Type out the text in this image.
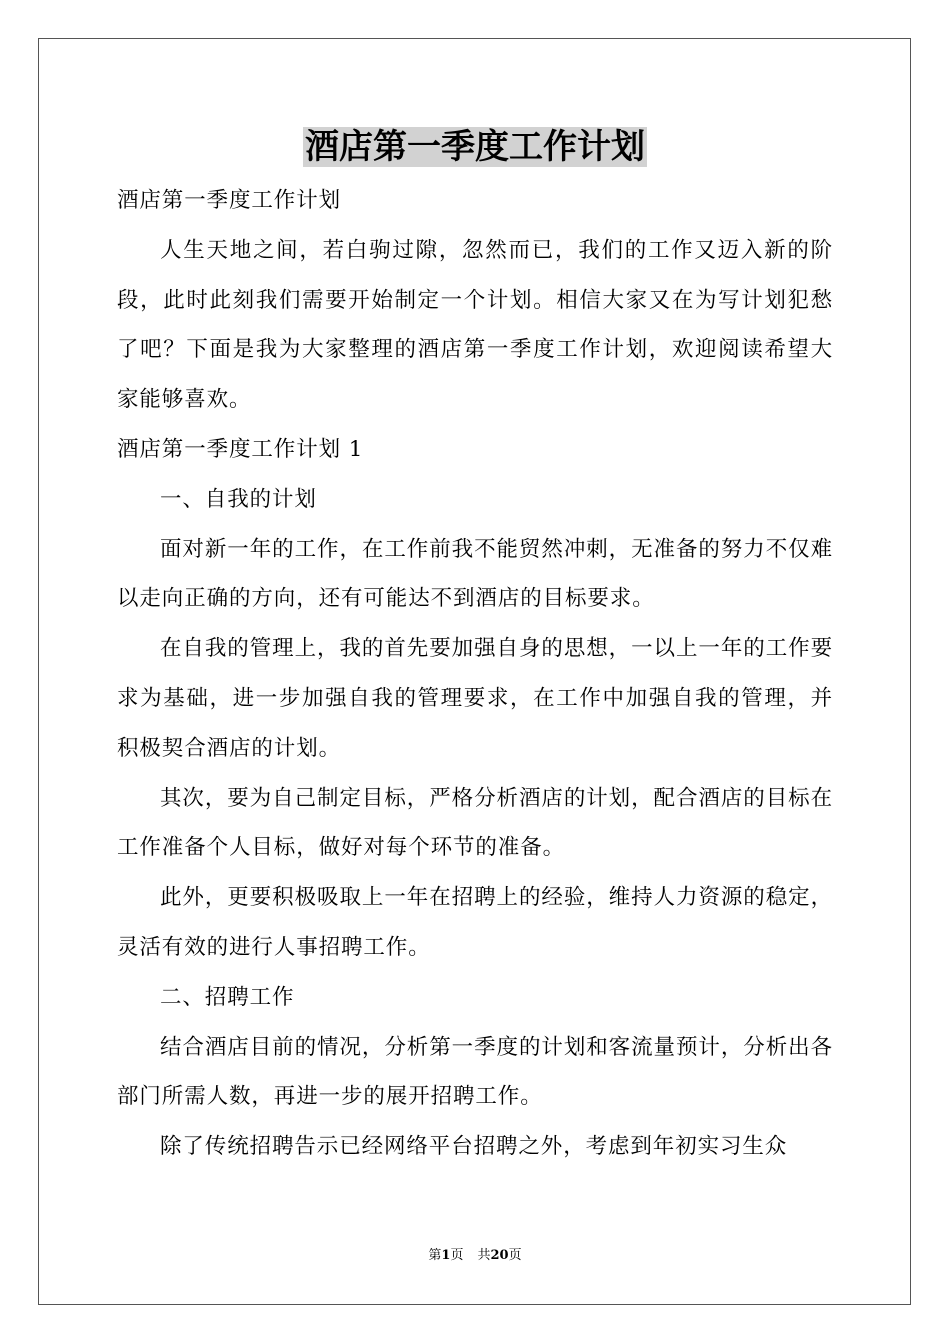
酒店第一季度工作计划

酒店第一季度工作计划

人生天地之间，若白驹过隙，忽然而已，我们的工作又迈入新的阶段，此时此刻我们需要开始制定一个计划。相信大家又在为写计划犯愁了吧？下面是我为大家整理的酒店第一季度工作计划，欢迎阅读希望大家能够喜欢。

酒店第一季度工作计划 1

一、自我的计划

面对新一年的工作，在工作前我不能贸然冲刺，无准备的努力不仅难以走向正确的方向，还有可能达不到酒店的目标要求。

在自我的管理上，我的首先要加强自身的思想，一以上一年的工作要求为基础，进一步加强自我的管理要求，在工作中加强自我的管理，并积极契合酒店的计划。

其次，要为自己制定目标，严格分析酒店的计划，配合酒店的目标在工作准备个人目标，做好对每个环节的准备。

此外，更要积极吸取上一年在招聘上的经验，维持人力资源的稳定，灵活有效的进行人事招聘工作。

二、招聘工作

结合酒店目前的情况，分析第一季度的计划和客流量预计，分析出各部门所需人数，再进一步的展开招聘工作。

除了传统招聘告示已经网络平台招聘之外，考虑到年初实习生众

第1页 共20页
